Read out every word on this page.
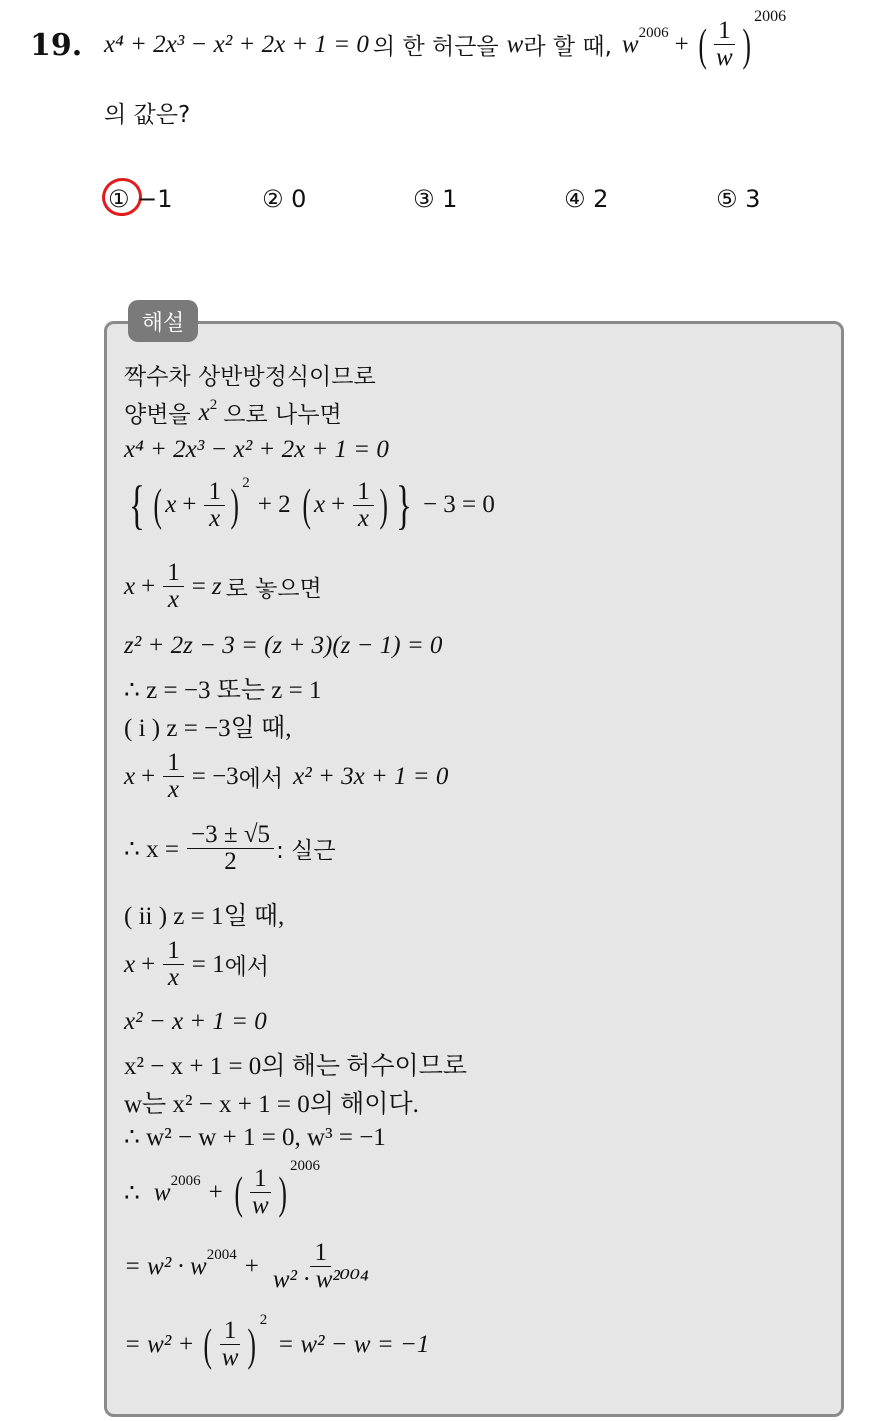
19. x⁴ + 2x³ − x² + 2x + 1 = 0 의 한 허근을 w 라 할 때, $w^{2006}$ + ( $\frac{1}{w}$ )
$^{2006}$
의 값은?
① −1	② 0	③ 1	④ 2	⑤ 3
해설
짝수차 상반방정식이므로
양변을 $x^2$ 으로 나누면
x⁴ + 2x³ − x² + 2x + 1 = 0
{ ( $x + \frac{1}{x} )^2$
+ 2 ( $x + \frac{1}{x}$ ) } − 3 = 0
$x + \frac{1}{x} = z$ 로 놓으면
z² + 2z − 3 = (z + 3)(z − 1) = 0
∴ z = −3 또는 z = 1
( i ) z = −3일 때,
$x + \frac{1}{x} = -3$ 에서 x² + 3x + 1 = 0
∴ $x = \frac{-3 \pm √5}{2}$ : 실근
( ii ) z = 1일 때,
$x + \frac{1}{x} = 1$ 에서
x² − x + 1 = 0
x² − x + 1 = 0의 해는 허수이므로
w는 x² − x + 1 = 0의 해이다.
∴ w² − w + 1 = 0, w³ = −1
∴ $w^{2006}$ + ( $\frac{1}{w}$ )
$^{2006}$
= $w^2 \cdot w^{2004} + \frac{1}{\text{w² · w²⁰⁰⁴}}$
= w² + ( $\frac{1}{w} )^2$
= w² − w = −1
